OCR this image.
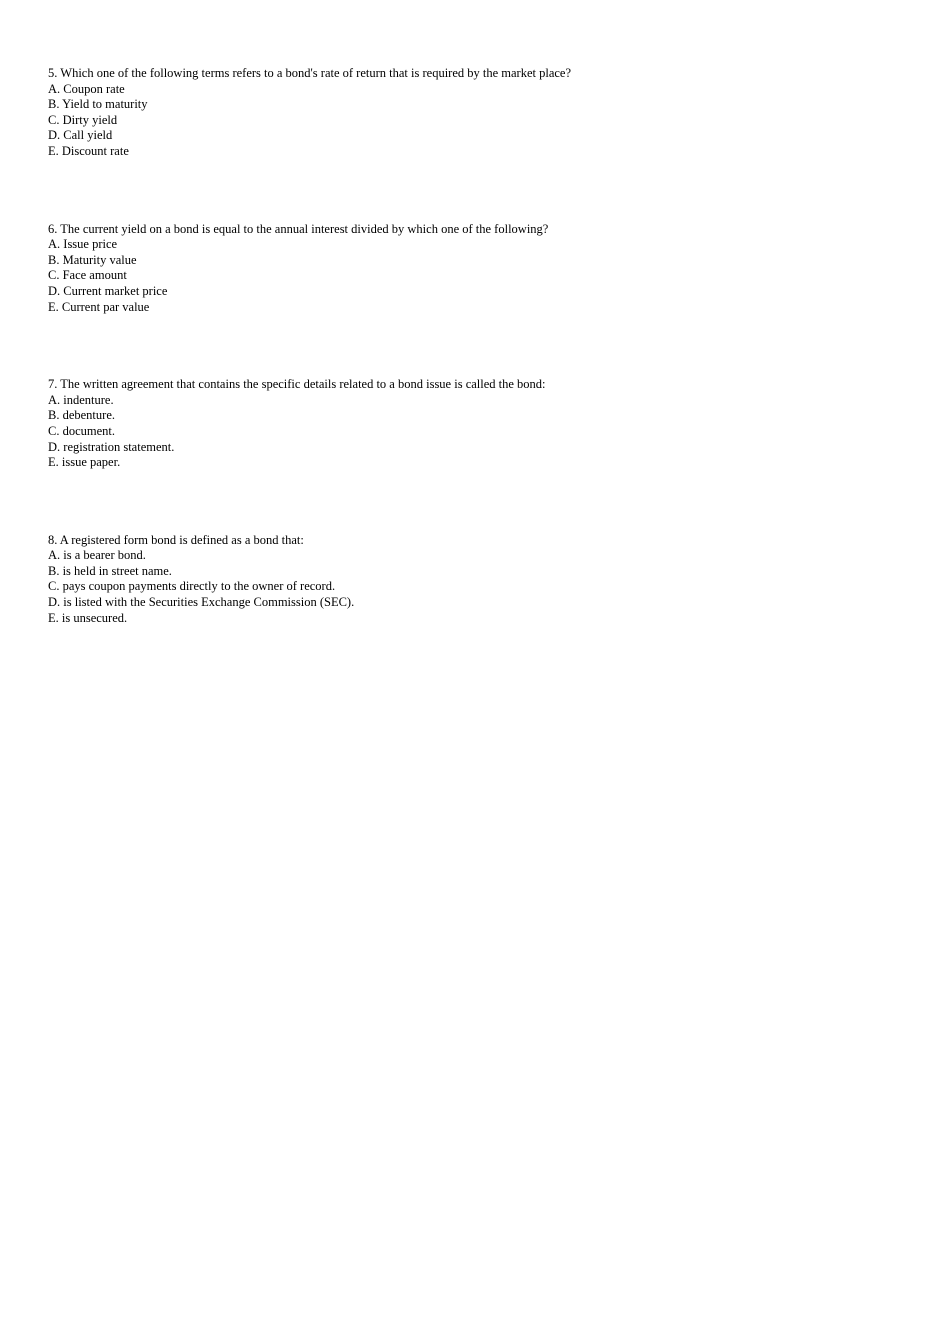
5. Which one of the following terms refers to a bond's rate of return that is required by the market place?

A. Coupon rate

B. Yield to maturity

C. Dirty yield

D. Call yield

E. Discount rate

6. The current yield on a bond is equal to the annual interest divided by which one of the following?

A. Issue price

B. Maturity value

C. Face amount

D. Current market price

E. Current par value

7. The written agreement that contains the specific details related to a bond issue is called the bond:

A. indenture.

B. debenture.

C. document.

D. registration statement.

E. issue paper.

8. A registered form bond is defined as a bond that:

A. is a bearer bond.

B. is held in street name.

C. pays coupon payments directly to the owner of record.

D. is listed with the Securities Exchange Commission (SEC).

E. is unsecured.
